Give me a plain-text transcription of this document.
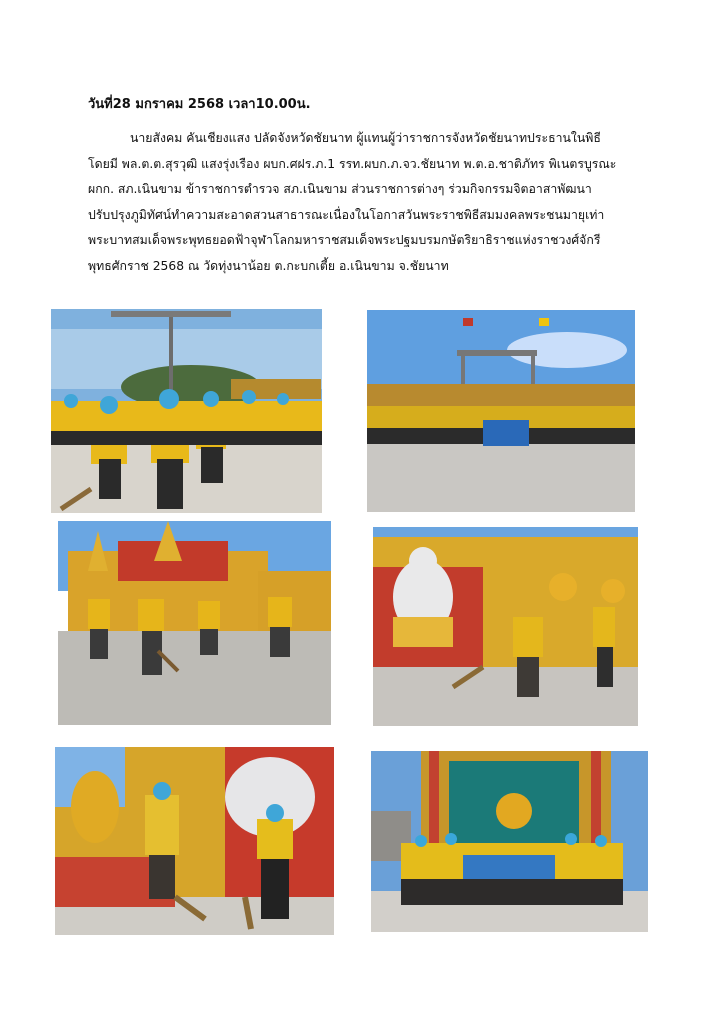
วันที่28 มกราคม 2568 เวลา10.00น.
นายสังคม คันเชียงแสง ปลัดจังหวัดชัยนาท ผู้แทนผู้ว่าราชการจังหวัดชัยนาทประธานในพิธี
โดยมี พล.ต.ต.สุรวุฒิ แสงรุ่งเรือง ผบก.ศฝร.ภ.1 รรท.ผบก.ภ.จว.ชัยนาท พ.ต.อ.ชาติภัทร พิเนตรบูรณะ
ผกก. สภ.เนินขาม ข้าราชการตำรวจ สภ.เนินขาม ส่วนราชการต่างๆ ร่วมกิจกรรมจิตอาสาพัฒนา
ปรับปรุงภูมิทัศน์ทำความสะอาดสวนสาธารณะเนื่องในโอกาสวันพระราชพิธีสมมงคลพระชนมายุเท่า
พระบาทสมเด็จพระพุทธยอดฟ้าจุฬาโลกมหาราชสมเด็จพระปฐมบรมกษัตริยาธิราชแห่งราชวงศ์จักรี
พุทธศักราช 2568 ณ วัดทุ่งนาน้อย ต.กะบกเตี้ย อ.เนินขาม จ.ชัยนาท
